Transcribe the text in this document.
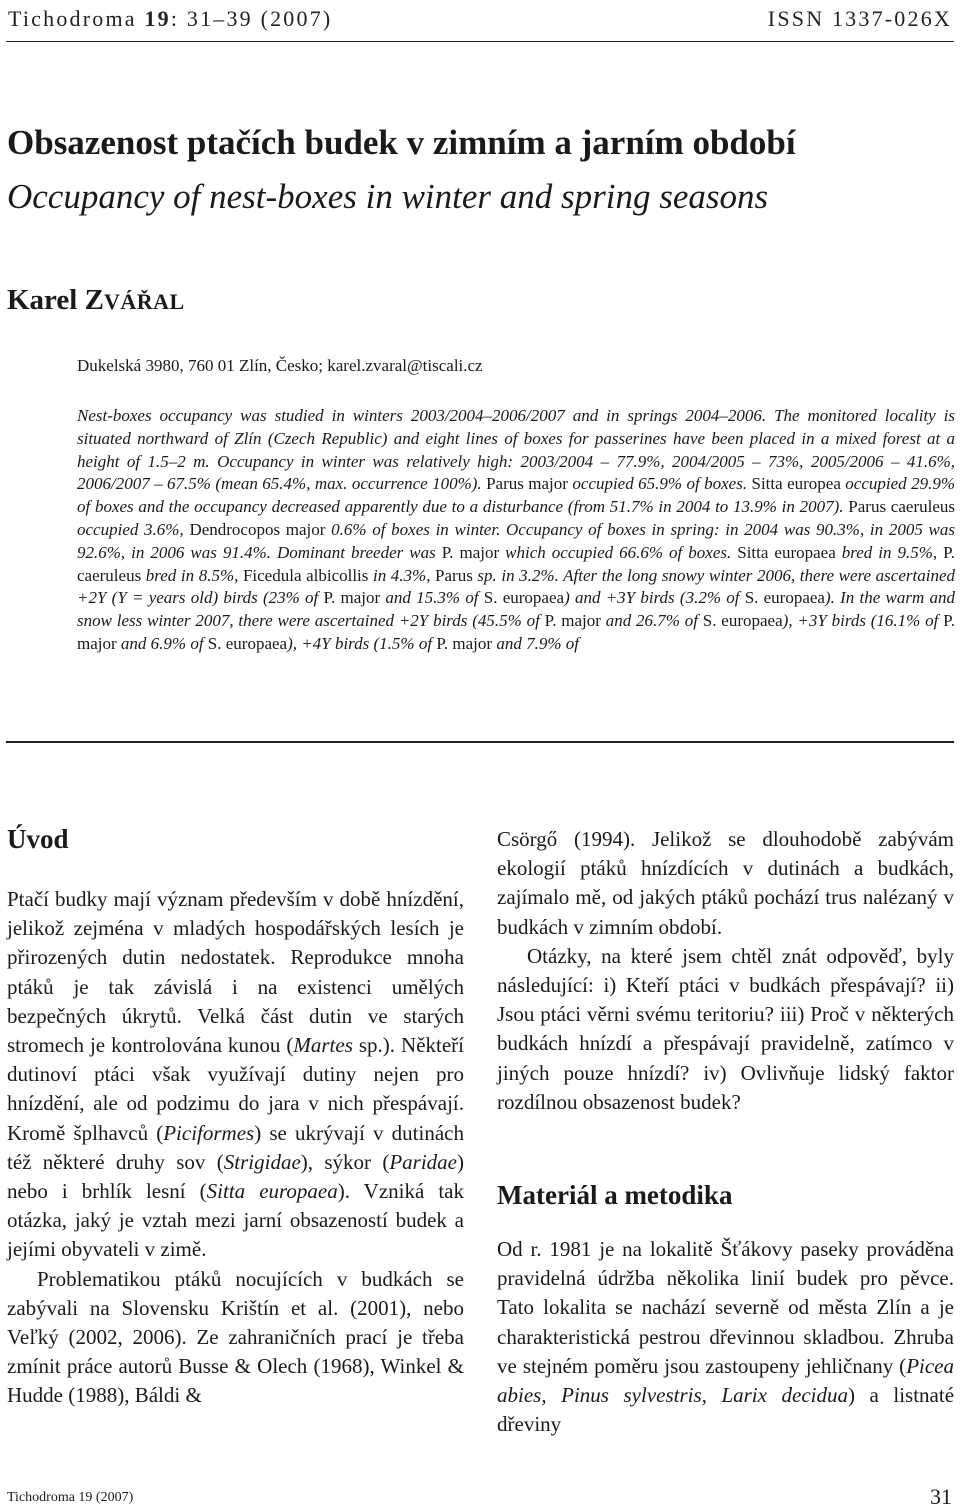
Tichodroma 19: 31–39 (2007)	ISSN 1337-026X
Obsazenost ptačích budek v zimním a jarním období
Occupancy of nest-boxes in winter and spring seasons
Karel ZVÁŘAL
Dukelská 3980, 760 01 Zlín, Česko; karel.zvaral@tiscali.cz
Nest-boxes occupancy was studied in winters 2003/2004–2006/2007 and in springs 2004–2006. The monitored locality is situated northward of Zlín (Czech Republic) and eight lines of boxes for passerines have been placed in a mixed forest at a height of 1.5–2 m. Occupancy in winter was relatively high: 2003/2004 – 77.9%, 2004/2005 – 73%, 2005/2006 – 41.6%, 2006/2007 – 67.5% (mean 65.4%, max. occurrence 100%). Parus major occupied 65.9% of boxes. Sitta europea occupied 29.9% of boxes and the occupancy decreased apparently due to a disturbance (from 51.7% in 2004 to 13.9% in 2007). Parus caeruleus occupied 3.6%, Dendrocopos major 0.6% of boxes in winter. Occupancy of boxes in spring: in 2004 was 90.3%, in 2005 was 92.6%, in 2006 was 91.4%. Dominant breeder was P. major which occupied 66.6% of boxes. Sitta europaea bred in 9.5%, P. caeruleus bred in 8.5%, Ficedula albicollis in 4.3%, Parus sp. in 3.2%. After the long snowy winter 2006, there were ascertained +2Y (Y = years old) birds (23% of P. major and 15.3% of S. europaea) and +3Y birds (3.2% of S. europaea). In the warm and snow less winter 2007, there were ascertained +2Y birds (45.5% of P. major and 26.7% of S. europaea), +3Y birds (16.1% of P. major and 6.9% of S. europaea), +4Y birds (1.5% of P. major and 7.9% of
Úvod

Ptačí budky mají význam především v době hnízdění, jelikož zejména v mladých hospodářských lesích je přirozených dutin nedostatek. Reprodukce mnoha ptáků je tak závislá i na existenci umělých bezpečných úkrytů. Velká část dutin ve starých stromech je kontrolována kunou (Martes sp.). Někteří dutinoví ptáci však využívají dutiny nejen pro hnízdění, ale od podzimu do jara v nich přespávají. Kromě šplhavců (Piciformes) se ukrývají v dutinách též některé druhy sov (Strigidae), sýkor (Paridae) nebo i brhlík lesní (Sitta europaea). Vzniká tak otázka, jaký je vztah mezi jarní obsazeností budek a jejími obyvateli v zimě.

Problematikou ptáků nocujících v budkách se zabývali na Slovensku Krištín et al. (2001), nebo Veľký (2002, 2006). Ze zahraničních prací je třeba zmínit práce autorů Busse & Olech (1968), Winkel & Hudde (1988), Báldi &

Csörgő (1994). Jelikož se dlouhodobě zabývám ekologií ptáků hnízdících v dutinách a budkách, zajímalo mě, od jakých ptáků pochází trus nalézaný v budkách v zimním období.

Otázky, na které jsem chtěl znát odpověď, byly následující: i) Kteří ptáci v budkách přespávají? ii) Jsou ptáci věrni svému teritoriu? iii) Proč v některých budkách hnízdí a přespávají pravidelně, zatímco v jiných pouze hnízdí? iv) Ovlivňuje lidský faktor rozdílnou obsazenost budek?

Materiál a metodika

Od r. 1981 je na lokalitě Šťákovy paseky prováděna pravidelná údržba několika linií budek pro pěvce. Tato lokalita se nachází severně od města Zlín a je charakteristická pestrou dřevinnou skladbou. Zhruba ve stejném poměru jsou zastoupeny jehličnany (Picea abies, Pinus sylvestris, Larix decidua) a listnaté dřeviny

Tichodroma 19 (2007)	31
